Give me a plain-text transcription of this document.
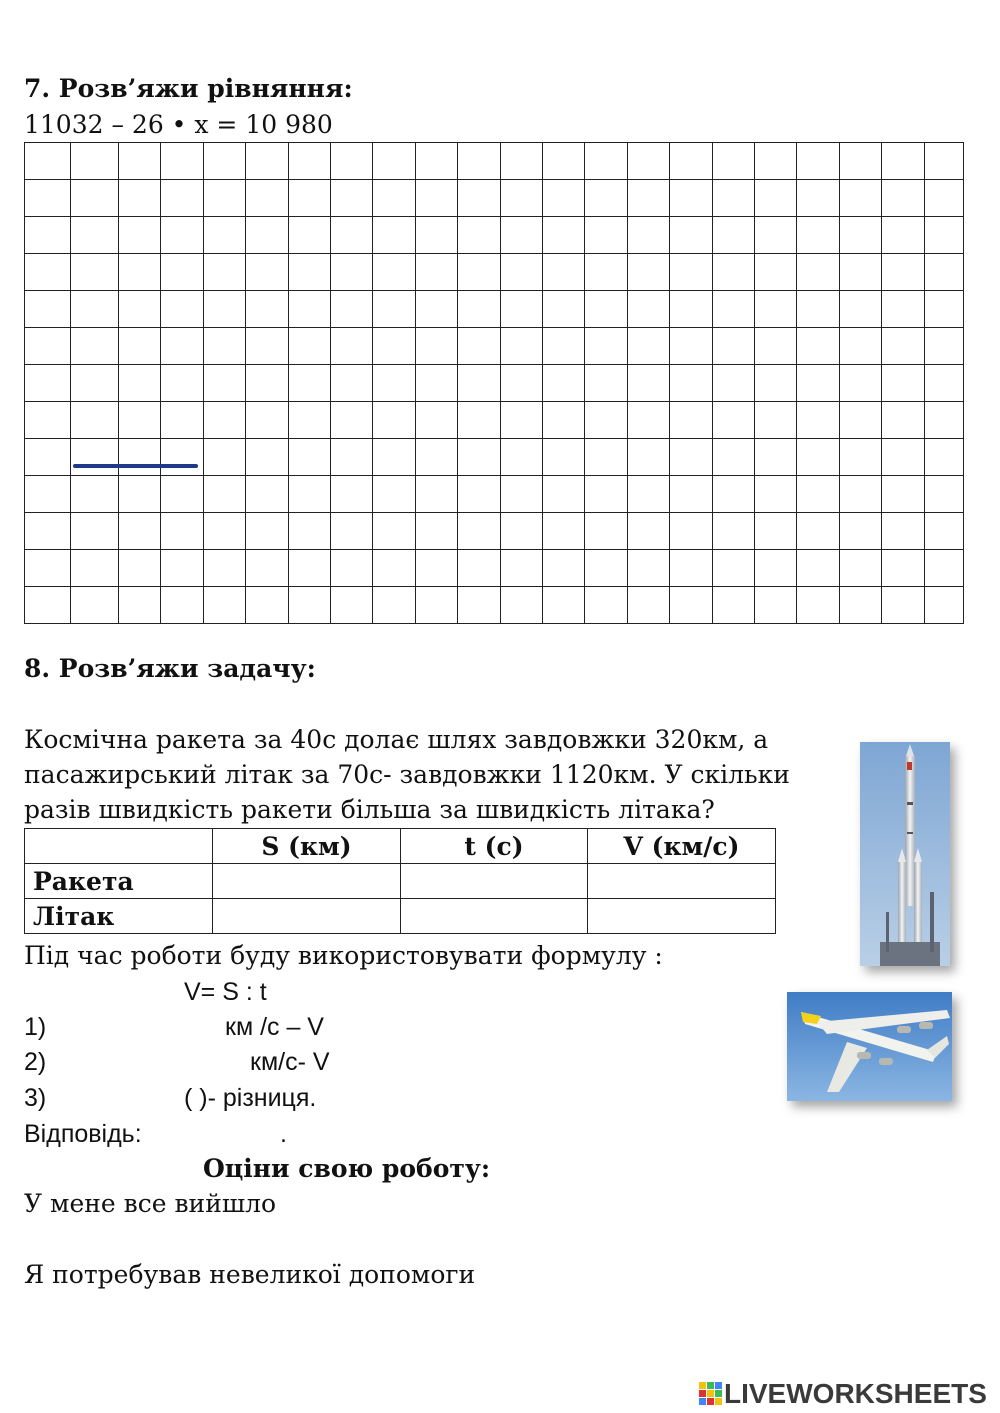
7. Розв’яжи рівняння:
11032 – 26 • x = 10 980

8. Розв’яжи задачу:
Космічна ракета за 40с долає шлях завдовжки 320км, а
пасажирський літак за 70с- завдовжки 1120км. У скільки
разів швидкість ракети більша за швидкість літака?
	S (км)	t (с)	V (км/с)
Ракета			
Літак			
Під час роботи буду використовувати формулу :
V= S : t
1)	км /с – V
2)	км/с- V
3)	( )- різниця.
Відповідь:	.
Оціни свою роботу:
У мене все вийшло
Я потребував невеликої допомоги
LIVEWORKSHEETS
